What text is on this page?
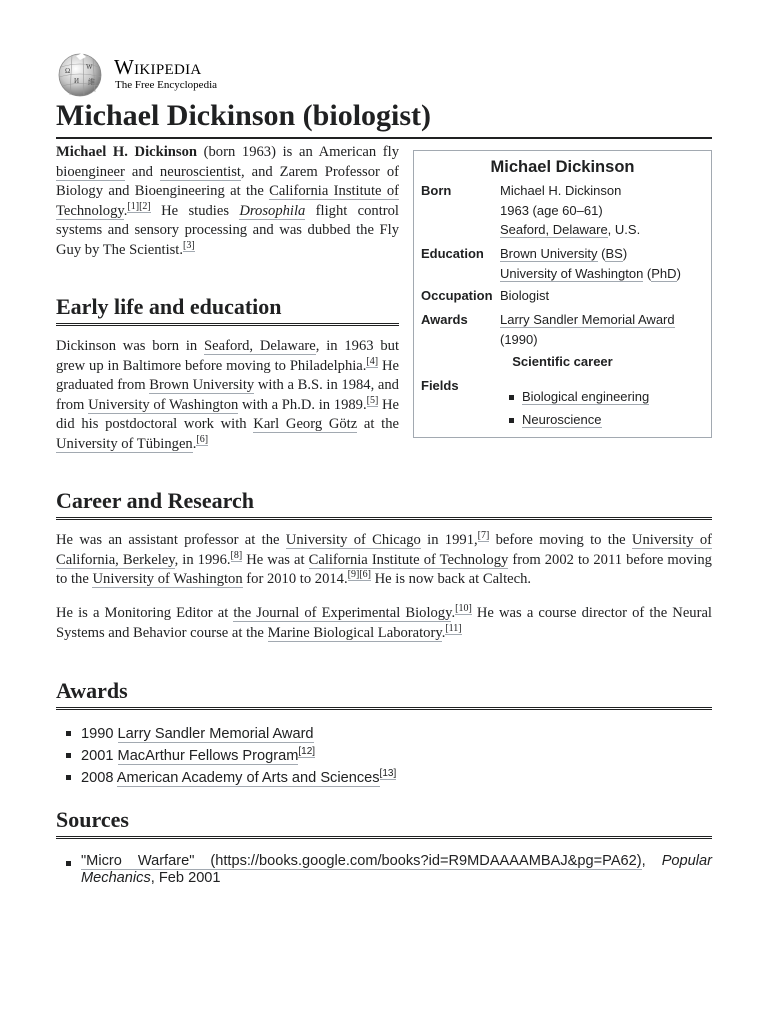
Ω W
И 維
Wikipedia
The Free Encyclopedia
Michael Dickinson (biologist)

Michael H. Dickinson (born 1963) is an American fly bioengineer and neuroscientist, and Zarem Professor of Biology and Bioengineering at the California Institute of Technology.[1][2] He studies Drosophila flight control systems and sensory processing and was dubbed the Fly Guy by The Scientist.[3]

Michael Dickinson
Born	Michael H. Dickinson
1963 (age 60–61)
Seaford, Delaware, U.S.
Education Brown University (BS)
University of Washington (PhD)
Occupation Biologist
Awards Larry Sandler Memorial Award
(1990)
Scientific career
Fields
Biological engineering
Neuroscience
Early life and education

Dickinson was born in Seaford, Delaware, in 1963 but grew up in Baltimore before moving to Philadelphia.[4] He graduated from Brown University with a B.S. in 1984, and from University of Washington with a Ph.D. in 1989.[5] He did his postdoctoral work with Karl Georg Götz at the University of Tübingen.[6]

Career and Research

He was an assistant professor at the University of Chicago in 1991,[7] before moving to the University of California, Berkeley, in 1996.[8] He was at California Institute of Technology from 2002 to 2011 before moving to the University of Washington for 2010 to 2014.[9][6] He is now back at Caltech.

He is a Monitoring Editor at the Journal of Experimental Biology.[10] He was a course director of the Neural Systems and Behavior course at the Marine Biological Laboratory.[11]

Awards
1990 Larry Sandler Memorial Award
2001 MacArthur Fellows Program[12]
2008 American Academy of Arts and Sciences[13]
Sources
"Micro Warfare" (https://books.google.com/books?id=R9MDAAAAMBAJ&pg=PA62), Popular Mechanics, Feb 2001
